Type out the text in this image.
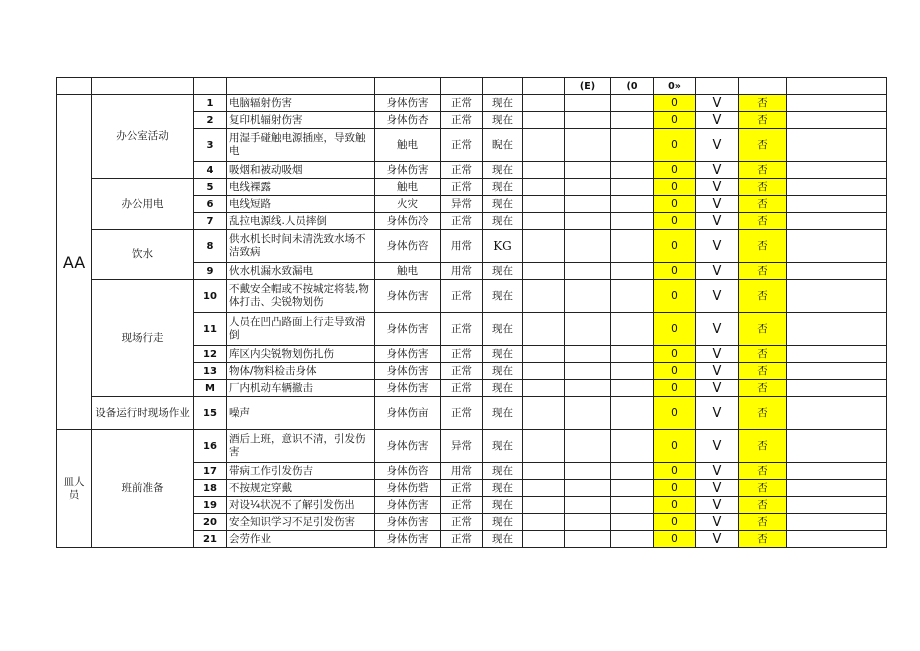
								(E)	(0	0»			
AA	办公室活动	1	电脑辐射伤害	身体伤害	正常	现在				0	V	否	
		2	复印机辐射伤害	身体伤杏	正常	现在				0	V	否	
		3	用湿手碰触电源插座，导致触电	触电	正常	睨在				0	V	否	
		4	吸烟和被动吸烟	身体伤害	正常	现在				0	V	否	
	办公用电	5	电线裸露	触电	正常	现在				0	V	否	
		6	电线短路	火灾	异常	现在				0	V	否	
		7	乱拉电源线.人员摔倒	身体伤冷	正常	现在				0	V	否	
	饮水	8	供水机长时间未清洗致水场不洁致病	身体伤咨	用常	KG				0	V	否	
		9	伙水机漏水致漏电	触电	用常	现在				0	V	否	
	现场行走	10	不戴安全帽或不按城定将装,物体打击、尖锐物划伤	身体伤害	正常	现在				0	V	否	
		11	人员在凹凸路面上行走导致滑倒	身体伤害	正常	现在				0	V	否	
		12	库区内尖锐物划伤扎伤	身体伤害	正常	现在				0	V	否	
		13	物体/物料检击身体	身体伤害	正常	现在				0	V	否	
		M	厂内机动车辆撤击	身体伤害	正常	现在				0	V	否	
	设备运行时现场作业	15	噪声	身体伤亩	正常	现在				0	V	否	
皿人员	班前准备	16	酒后上班，意识不清，引发伤害	身体伤害	异常	现在				0	V	否	
		17	带病工作引发伤吉	身体伤咨	用常	现在				0	V	否	
		18	不按规定穿戴	身体伤砦	正常	现在				0	V	否	
		19	对设¼状况不了解引发伤出	身体伤害	正常	现在				0	V	否	
		20	安全知识学习不足引发伤害	身体伤害	正常	现在				0	V	否	
		21	会劳作业	身体伤害	正常	现在				0	V	否	
